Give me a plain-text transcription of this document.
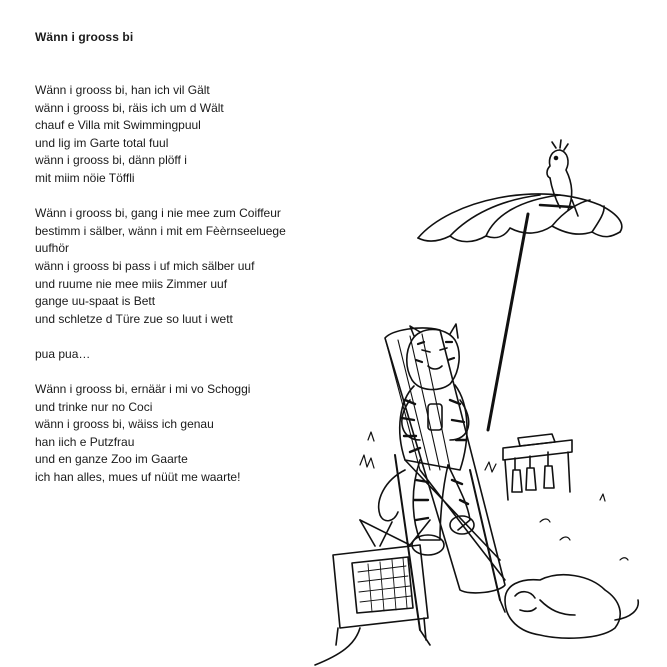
Wänn i grooss bi
Wänn i grooss bi, han ich vil Gält
wänn i grooss bi, räis ich um d Wält
chauf e Villa mit Swimmingpuul
und lig im Garte total fuul
wänn i grooss bi, dänn plöff i
mit miim nöie Töffli
Wänn i grooss bi, gang i nie mee zum Coiffeur
bestimm i sälber, wänn i mit em Fèèrnseeluege
uufhör
wänn i grooss bi pass i uf mich sälber uuf
und ruume nie mee miis Zimmer uuf
gange uu-spaat is Bett
und schletze d Türe zue so luut i wett
pua pua…
Wänn i grooss bi, ernäär i mi vo Schoggi
und trinke nur no Coci
wänn i grooss bi, wäiss ich genau
han iich e Putzfrau
und en ganze Zoo im Gaarte
ich han alles, mues uf nüüt me waarte!
